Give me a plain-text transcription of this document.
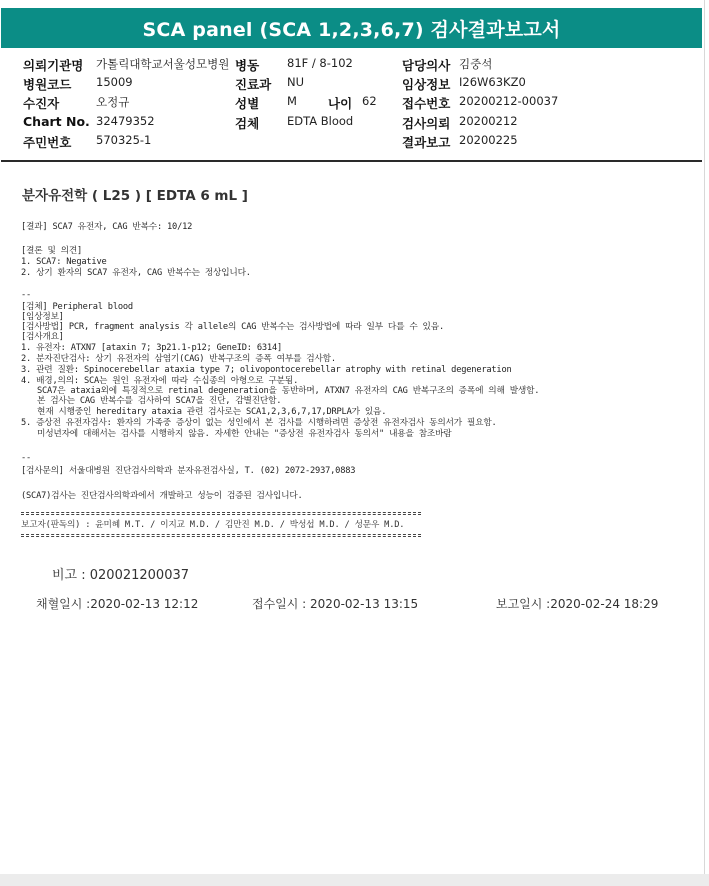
SCA panel (SCA 1,2,3,6,7) 검사결과보고서
의뢰기관명 가톨릭대학교서울성모병원 병동 81F / 8-102	담당의사 김중석
병원코드 15009	진료과 NU	임상정보 I26W63KZ0
수진자	오정규	성별 M 나이 62 접수번호 20200212-00037
Chart No. 32479352	검체 EDTA Blood	검사의뢰 20200212
주민번호 570325-1	결과보고 20200225
분자유전학 ( L25 ) [ EDTA 6 mL ]
[결과] SCA7 유전자, CAG 반복수: 10/12
[결론 및 의견]
1. SCA7: Negative
2. 상기 환자의 SCA7 유전자, CAG 반복수는 정상입니다.
--
[검체] Peripheral blood
[임상정보]
[검사방법] PCR, fragment analysis 각 allele의 CAG 반복수는 검사방법에 따라 일부 다를 수 있음.
[검사개요]
1. 유전자: ATXN7 [ataxin 7; 3p21.1-p12; GeneID: 6314]
2. 분자진단검사: 상기 유전자의 삼염기(CAG) 반복구조의 증폭 여부를 검사함.
3. 관련 질환: Spinocerebellar ataxia type 7; olivopontocerebellar atrophy with retinal degeneration
4. 배경,의의: SCA는 원인 유전자에 따라 수십종의 아형으로 구분됨.
SCA7은 ataxia외에 특징적으로 retinal degeneration을 동반하며, ATXN7 유전자의 CAG 반복구조의 증폭에 의해 발생함.
본 검사는 CAG 반복수를 검사하여 SCA7을 진단, 감별진단함.
현재 시행중인 hereditary ataxia 관련 검사로는 SCA1,2,3,6,7,17,DRPLA가 있음.
5. 증상전 유전자검사: 환자의 가족중 증상이 없는 성인에서 본 검사를 시행하려면 증상전 유전자검사 동의서가 필요함.
미성년자에 대해서는 검사를 시행하지 않음. 자세한 안내는 "증상전 유전자검사 동의서" 내용을 참조바람
--
[검사문의] 서울대병원 진단검사의학과 분자유전검사실, T. (02) 2072-2937,0883
(SCA7)검사는 진단검사의학과에서 개발하고 성능이 검증된 검사입니다.
보고자(판독의) : 윤미혜 M.T. / 이지교 M.D. / 김만진 M.D. / 박성섭 M.D. / 성문우 M.D.
비고 : 020021200037
채혈일시 :2020-02-13 12:12	접수일시 : 2020-02-13 13:15	보고일시 :2020-02-24 18:29
